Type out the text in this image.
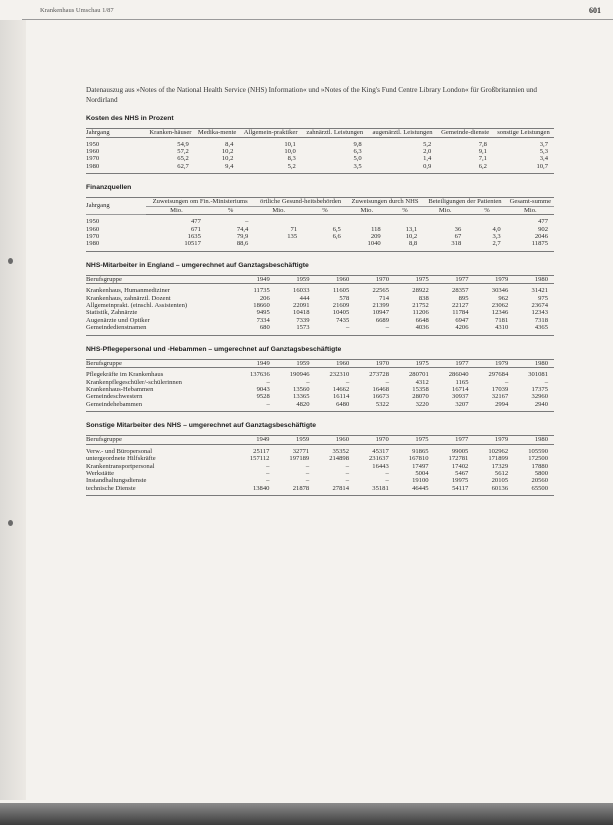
Krankenhaus Umschau 1/87	601
Datenauszug aus »Notes of the National Health Service (NHS) Information« und »Notes of the King's Fund Centre Library London« für Großbritannien und Nordirland
Kosten des NHS in Prozent
Jahrgang	Kranken-häuser	Medika-mente	Allgemein-praktiker	zahnärztl. Leistungen	augenärztl. Leistungen	Gemeinde-dienste	sonstige Leistungen
1950	54,9	8,4	10,1	9,8	5,2	7,8	3,7
1960	57,2	10,2	10,0	6,3	2,0	9,1	5,3
1970	65,2	10,2	8,3	5,0	1,4	7,1	3,4
1980	62,7	9,4	5,2	3,5	0,9	6,2	10,7
Finanzquellen
Jahrgang	Zuweisungen om Fin.-Ministeriums		örtliche Gesund-heitsbehörden		Zuweisungen durch NHS		Beteiligungen der Patienten		Gesamt-summe
	Mio.	%	Mio.	%	Mio.	%	Mio.	%	Mio.
1950	477	–							477
1960	671	74,4	71	6,5	118	13,1	36	4,0	902
1970	1635	79,9	135	6,6	209	10,2	67	3,3	2046
1980	10517	88,6			1040	8,8	318	2,7	11875
NHS-Mitarbeiter in England – umgerechnet auf Ganztagsbeschäftigte
Berufsgruppe	1949	1959	1960	1970	1975	1977	1979	1980
Krankenhaus, Humanmediziner	11735	16033	11605	22565	28922	28357	30346	31421
Krankenhaus, zahnärztl. Dozent	206	444	578	714	838	895	962	975
Allgemeinprakt. (einschl. Assistenten)	18660	22091	21609	21399	21752	22127	23062	23674
Statistik, Zahnärzte	9495	10418	10405	10947	11206	11784	12346	12343
Augenärzte und Optiker	7334	7339	7435	6689	6648	6947	7181	7318
Gemeindedienstnamen	680	1573	–	–	4036	4206	4310	4365
NHS-Pflegepersonal und -Hebammen – umgerechnet auf Ganztagsbeschäftigte
Berufsgruppe	1949	1959	1960	1970	1975	1977	1979	1980
Pflegekräfte im Krankenhaus	137636	190946	232310	273728	280701	286040	297684	301081
Krankenpflegeschüler/-schülerinnen	–	–	–	–	4312	1165	–	–
Krankenhaus-Hebammen	9043	13560	14662	16468	15358	16714	17039	17375
Gemeindeschwestern	9528	13365	16114	16673	28070	30937	32167	32960
Gemeindehebammen	–	4820	6480	5322	3220	3207	2994	2940
Sonstige Mitarbeiter des NHS – umgerechnet auf Ganztagsbeschäftigte
Berufsgruppe	1949	1959	1960	1970	1975	1977	1979	1980
Verw.- und Büropersonal	25117	32771	35352	45317	91865	99005	102962	105590
untergeordnete Hilfskräfte	157112	197189	214898	231637	167810	172781	171899	172500
Krankentransportpersonal	–	–	–	16443	17497	17402	17329	17880
Werkstätte	–	–	–	–	5004	5467	5612	5800
Instandhaltungsdienste	–	–	–	–	19100	19975	20105	20560
technische Dienste	13840	21878	27814	35181	46445	54117	60136	65500
